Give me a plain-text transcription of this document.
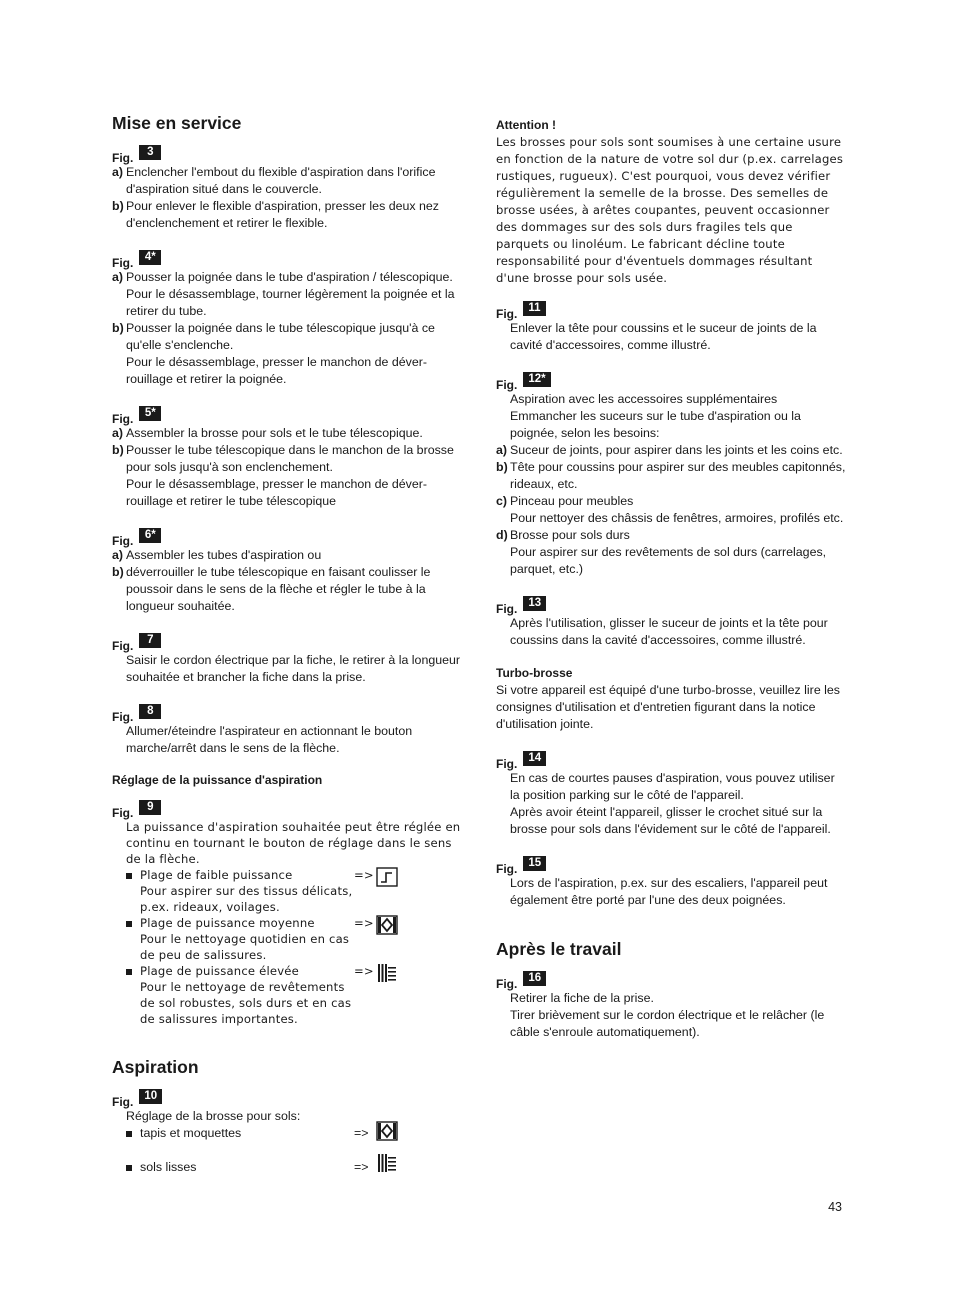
Mise en service
Fig.	3
a) Enclencher l'embout du flexible d'aspiration dans l'orifice d'aspiration situé dans le couvercle.
b) Pour enlever le flexible d'aspiration, presser les deux nez d'enclenchement et retirer le flexible.
Fig.	4*
a) Pousser la poignée dans le tube d'aspiration / télescopique.
Pour le désassemblage, tourner légèrement la poignée et la retirer du tube.
b) Pousser la poignée dans le tube télescopique jusqu'à ce qu'elle s'enclenche.
Pour le désassemblage, presser le manchon de déver-rouillage et retirer la poignée.
Fig.	5*
a) Assembler la brosse pour sols et le tube télescopique.
b) Pousser le tube télescopique dans le manchon de la brosse pour sols jusqu'à son enclenchement.
Pour le désassemblage, presser le manchon de déver-rouillage et retirer le tube télescopique
Fig.	6*
a) Assembler les tubes d'aspiration ou
b) déverrouiller le tube télescopique en faisant coulisser le poussoir dans le sens de la flèche et régler le tube à la longueur souhaitée.
Fig.	7
Saisir le cordon électrique par la fiche, le retirer à la longueur souhaitée et brancher la fiche dans la prise.
Fig.	8
Allumer/éteindre l'aspirateur en actionnant le bouton marche/arrêt dans le sens de la flèche.
Réglage de la puissance d'aspiration
Fig.	9
La puissance d'aspiration souhaitée peut être réglée en continu en tournant le bouton de réglage dans le sens de la flèche.
Plage de faible puissance
Pour aspirer sur des tissus délicats, p.ex. rideaux, voilages.
=>
Plage de puissance moyenne
Pour le nettoyage quotidien en cas de peu de salissures.
=>
Plage de puissance élevée
Pour le nettoyage de revêtements de sol robustes, sols durs et en cas de salissures importantes.
=>
Aspiration
Fig. 10
Réglage de la brosse pour sols:
tapis et moquettes	=>
sols lisses	=>
Attention !
Les brosses pour sols sont soumises à une certaine usure en fonction de la nature de votre sol dur (p.ex. carrelages rustiques, rugueux). C'est pourquoi, vous devez vérifier régulièrement la semelle de la brosse. Des semelles de brosse usées, à arêtes coupantes, peuvent occasionner des dommages sur des sols durs fragiles tels que parquets ou linoléum. Le fabricant décline toute responsabilité pour d'éventuels dommages résultant d'une brosse pour sols usée.
Fig. 11
Enlever la tête pour coussins et le suceur de joints de la cavité d'accessoires, comme illustré.
Fig. 12*
Aspiration avec les accessoires supplémentaires
Emmancher les suceurs sur le tube d'aspiration ou la poignée, selon les besoins:
a) Suceur de joints, pour aspirer dans les joints et les coins etc.
b) Tête pour coussins pour aspirer sur des meubles capitonnés, rideaux, etc.
c) Pinceau pour meubles
Pour nettoyer des châssis de fenêtres, armoires, profilés etc.
d) Brosse pour sols durs
Pour aspirer sur des revêtements de sol durs (carrelages, parquet, etc.)
Fig. 13
Après l'utilisation, glisser le suceur de joints et la tête pour coussins dans la cavité d'accessoires, comme illustré.
Turbo-brosse
Si votre appareil est équipé d'une turbo-brosse, veuillez lire les consignes d'utilisation et d'entretien figurant dans la notice d'utilisation jointe.
Fig. 14
En cas de courtes pauses d'aspiration, vous pouvez utiliser la position parking sur le côté de l'appareil.
Après avoir éteint l'appareil, glisser le crochet situé sur la brosse pour sols dans l'évidement sur le côté de l'appareil.
Fig. 15
Lors de l'aspiration, p.ex. sur des escaliers, l'appareil peut également être porté par l'une des deux poignées.
Après le travail
Fig. 16
Retirer la fiche de la prise.
Tirer brièvement sur le cordon électrique et le relâcher (le câble s'enroule automatiquement).
43
